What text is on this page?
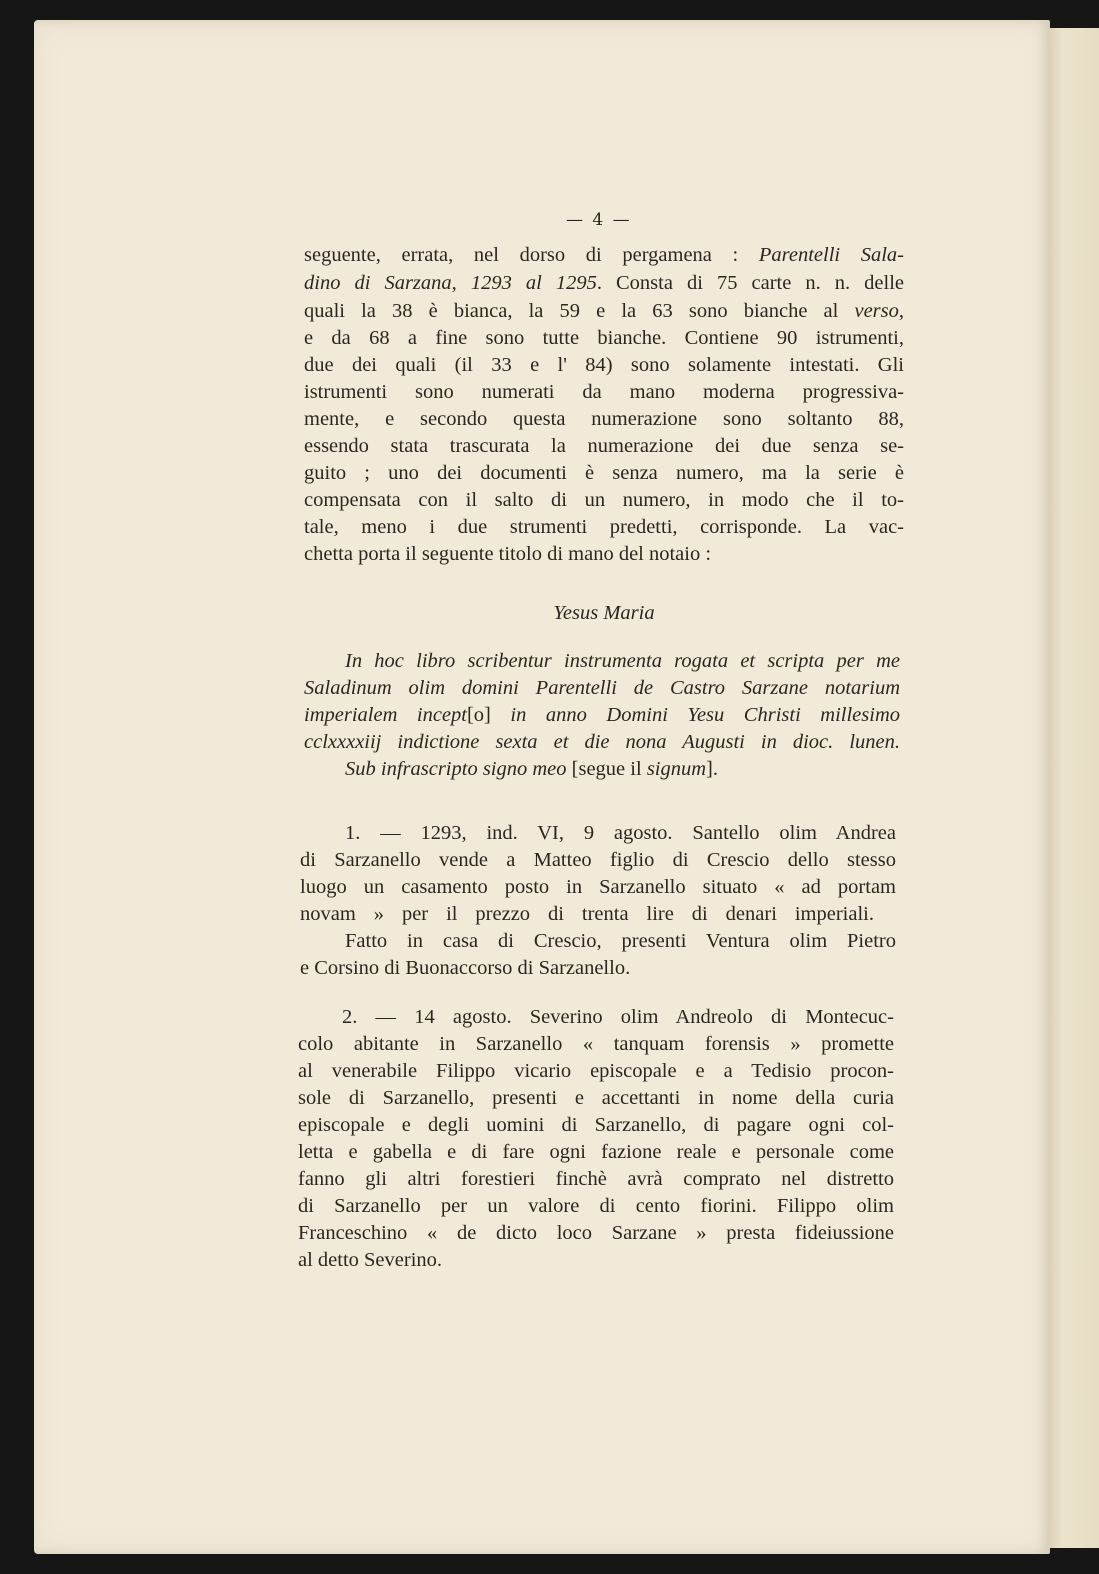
— 4 —
seguente, errata, nel dorso di pergamena : Parentelli Sala-
dino di Sarzana, 1293 al 1295. Consta di 75 carte n. n. delle
quali la 38 è bianca, la 59 e la 63 sono bianche al verso,
e da 68 a fine sono tutte bianche. Contiene 90 istrumenti,
due dei quali (il 33 e l' 84) sono solamente intestati. Gli
istrumenti sono numerati da mano moderna progressiva-
mente, e secondo questa numerazione sono soltanto 88,
essendo stata trascurata la numerazione dei due senza se-
guito ; uno dei documenti è senza numero, ma la serie è
compensata con il salto di un numero, in modo che il to-
tale, meno i due strumenti predetti, corrisponde. La vac-
chetta porta il seguente titolo di mano del notaio :
Yesus Maria
In hoc libro scribentur instrumenta rogata et scripta per me
Saladinum olim domini Parentelli de Castro Sarzane notarium
imperialem incept[o] in anno Domini Yesu Christi millesimo
cclxxxxiij indictione sexta et die nona Augusti in dioc. lunen.
Sub infrascripto signo meo [segue il signum].
1. — 1293, ind. VI, 9 agosto. Santello olim Andrea
di Sarzanello vende a Matteo figlio di Crescio dello stesso
luogo un casamento posto in Sarzanello situato « ad portam
novam » per il prezzo di trenta lire di denari imperiali.
Fatto in casa di Crescio, presenti Ventura olim Pietro
e Corsino di Buonaccorso di Sarzanello.
2. — 14 agosto. Severino olim Andreolo di Montecuc-
colo abitante in Sarzanello « tanquam forensis » promette
al venerabile Filippo vicario episcopale e a Tedisio procon-
sole di Sarzanello, presenti e accettanti in nome della curia
episcopale e degli uomini di Sarzanello, di pagare ogni col-
letta e gabella e di fare ogni fazione reale e personale come
fanno gli altri forestieri finchè avrà comprato nel distretto
di Sarzanello per un valore di cento fiorini. Filippo olim
Franceschino « de dicto loco Sarzane » presta fideiussione
al detto Severino.
